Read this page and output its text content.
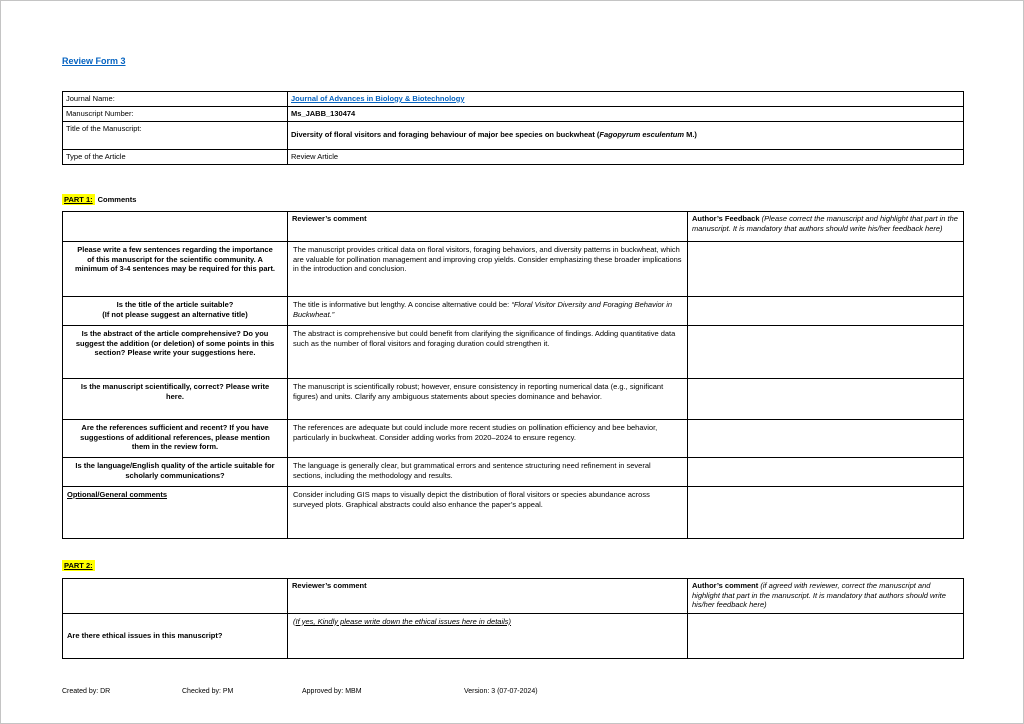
Review Form 3
Journal Name:	Journal of Advances in Biology & Biotechnology
Manuscript Number:	Ms_JABB_130474
Title of the Manuscript:	Diversity of floral visitors and foraging behaviour of major bee species on buckwheat (Fagopyrum esculentum M.)
Type of the Article	Review Article
PART 1: Comments
	Reviewer’s comment	Author’s Feedback (Please correct the manuscript and highlight that part in the manuscript. It is mandatory that authors should write his/her feedback here)
Please write a few sentences regarding the importance of this manuscript for the scientific community. A minimum of 3-4 sentences may be required for this part.	The manuscript provides critical data on floral visitors, foraging behaviors, and diversity patterns in buckwheat, which are valuable for pollination management and improving crop yields. Consider emphasizing these broader implications in the introduction and conclusion.	
Is the title of the article suitable?
(If not please suggest an alternative title)	The title is informative but lengthy. A concise alternative could be: “Floral Visitor Diversity and Foraging Behavior in Buckwheat.”	
Is the abstract of the article comprehensive? Do you suggest the addition (or deletion) of some points in this section? Please write your suggestions here.	The abstract is comprehensive but could benefit from clarifying the significance of findings. Adding quantitative data such as the number of floral visitors and foraging duration could strengthen it.	
Is the manuscript scientifically, correct? Please write here.	The manuscript is scientifically robust; however, ensure consistency in reporting numerical data (e.g., significant figures) and units. Clarify any ambiguous statements about species dominance and behavior.	
Are the references sufficient and recent? If you have suggestions of additional references, please mention them in the review form.	The references are adequate but could include more recent studies on pollination efficiency and bee behavior, particularly in buckwheat. Consider adding works from 2020–2024 to ensure regency.	
Is the language/English quality of the article suitable for scholarly communications?	The language is generally clear, but grammatical errors and sentence structuring need refinement in several sections, including the methodology and results.	
Optional/General comments	Consider including GIS maps to visually depict the distribution of floral visitors or species abundance across surveyed plots. Graphical abstracts could also enhance the paper’s appeal.	
PART 2:
	Reviewer’s comment	Author’s comment (if agreed with reviewer, correct the manuscript and highlight that part in the manuscript. It is mandatory that authors should write his/her feedback here)
Are there ethical issues in this manuscript?	(If yes, Kindly please write down the ethical issues here in details)	
Created by: DR	Checked by: PM	Approved by: MBM	Version: 3 (07-07-2024)
